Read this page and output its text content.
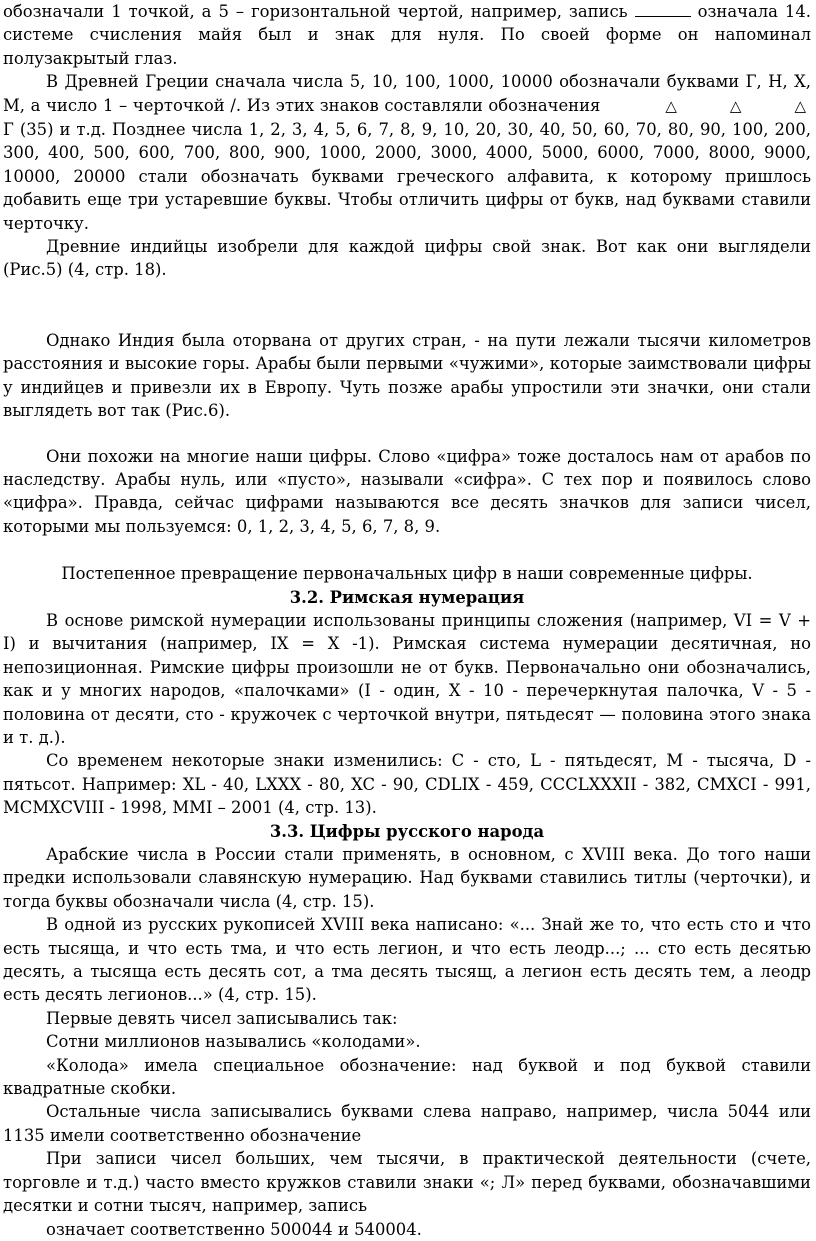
обозначали 1 точкой, а 5 – горизонтальной чертой, например, запись	означала 14. системе счисления майя был и знак для нуля. По своей форме он напоминал полузакрытый глаз.

В Древней Греции сначала числа 5, 10, 100, 1000, 10000 обозначали буквами Г, Н, Х, М, а число 1 – черточкой /. Из этих знаков составляли обозначения	△	△	△ Г (35) и т.д. Позднее числа 1, 2, 3, 4, 5, 6, 7, 8, 9, 10, 20, 30, 40, 50, 60, 70, 80, 90, 100, 200, 300, 400, 500, 600, 700, 800, 900, 1000, 2000, 3000, 4000, 5000, 6000, 7000, 8000, 9000, 10000, 20000 стали обозначать буквами греческого алфавита, к которому пришлось добавить еще три устаревшие буквы. Чтобы отличить цифры от букв, над буквами ставили черточку.

Древние индийцы изобрели для каждой цифры свой знак. Вот как они выглядели (Рис.5) (4, стр. 18).

Однако Индия была оторвана от других стран, - на пути лежали тысячи километров расстояния и высокие горы. Арабы были первыми «чужими», которые заимствовали цифры у индийцев и привезли их в Европу. Чуть позже арабы упростили эти значки, они стали выглядеть вот так (Рис.6).

Они похожи на многие наши цифры. Слово «цифра» тоже досталось нам от арабов по наследству. Арабы нуль, или «пусто», называли «сифра». С тех пор и появилось слово «цифра». Правда, сейчас цифрами называются все десять значков для записи чисел, которыми мы пользуемся: 0, 1, 2, 3, 4, 5, 6, 7, 8, 9.

Постепенное превращение первоначальных цифр в наши современные цифры.

3.2. Римская нумерация

В основе римской нумерации использованы принципы сложения (например, VI = V + I) и вычитания (например, IX = X -1). Римская система нумерации десятичная, но непозиционная. Римские цифры произошли не от букв. Первоначально они обозначались, как и у многих народов, «палочками» (I - один, X - 10 - перечеркнутая палочка, V - 5 - половина от десяти, сто - кружочек с черточкой внутри, пятьдесят — половина этого знака и т. д.).

Со временем некоторые знаки изменились: C - сто, L - пятьдесят, M - тысяча, D - пятьсот. Например: XL - 40, LXXX - 80, XC - 90, CDLIX - 459, CCCLXXXII - 382, CMXCI - 991, MCMXCVIII - 1998, MMI – 2001 (4, стр. 13).

3.3. Цифры русского народа

Арабские числа в России стали применять, в основном, с XVIII века. До того наши предки использовали славянскую нумерацию. Над буквами ставились титлы (черточки), и тогда буквы обозначали числа (4, стр. 15).

В одной из русских рукописей XVIII века написано: «... Знай же то, что есть сто и что есть тысяща, и что есть тма, и что есть легион, и что есть леодр...; ... сто есть десятью десять, а тысяща есть десять сот, а тма десять тысящ, а легион есть десять тем, а леодр есть десять легионов...» (4, стр. 15).

Первые девять чисел записывались так:

Сотни миллионов назывались «колодами».

«Колода» имела специальное обозначение: над буквой и под буквой ставили квадратные скобки.

Остальные числа записывались буквами слева направо, например, числа 5044 или 1135 имели соответственно обозначение

При записи чисел больших, чем тысячи, в практической деятельности (счете, торговле и т.д.) часто вместо кружков ставили знаки «; Л» перед буквами, обозначавшими десятки и сотни тысяч, например, запись

означает соответственно 500044 и 540004.
